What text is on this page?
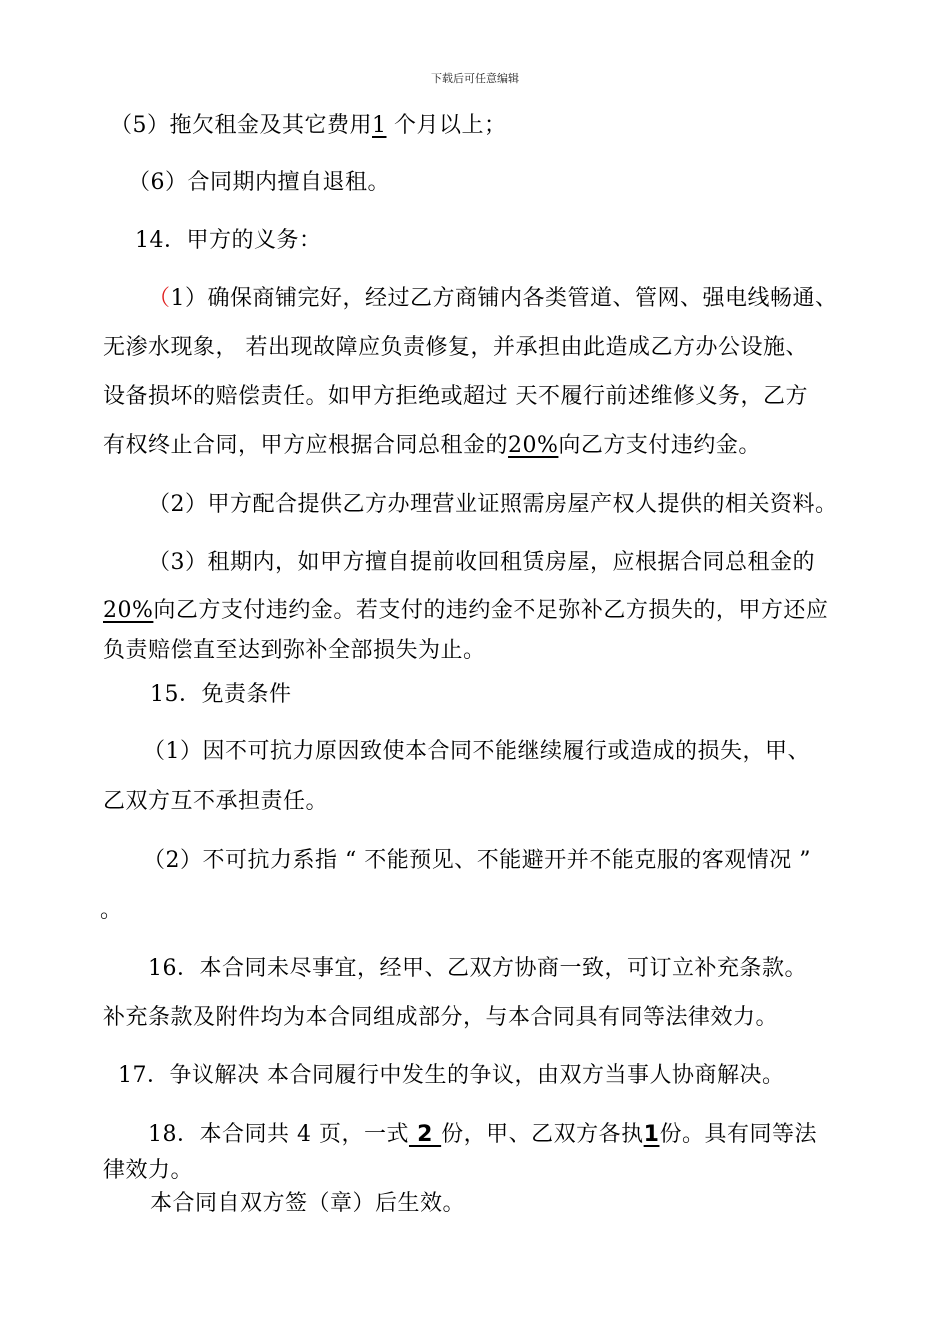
下载后可任意编辑
（5）拖欠租金及其它费用1 个月以上；
（6）合同期内擅自退租。
14．甲方的义务：
（1）确保商铺完好，经过乙方商铺内各类管道、管网、强电线畅通、
无渗水现象， 若出现故障应负责修复，并承担由此造成乙方办公设施、
设备损坏的赔偿责任。如甲方拒绝或超过 天不履行前述维修义务，乙方
有权终止合同，甲方应根据合同总租金的20%向乙方支付违约金。
（2）甲方配合提供乙方办理营业证照需房屋产权人提供的相关资料。
（3）租期内，如甲方擅自提前收回租赁房屋，应根据合同总租金的
20%向乙方支付违约金。若支付的违约金不足弥补乙方损失的，甲方还应
负责赔偿直至达到弥补全部损失为止。
15．免责条件
（1）因不可抗力原因致使本合同不能继续履行或造成的损失，甲、
乙双方互不承担责任。
（2）不可抗力系指 “ 不能预见、不能避开并不能克服的客观情况 ”
。
16．本合同未尽事宜，经甲、乙双方协商一致，可订立补充条款。
补充条款及附件均为本合同组成部分，与本合同具有同等法律效力。
17．争议解决 本合同履行中发生的争议，由双方当事人协商解决。
18．本合同共 4 页，一式 2 份，甲、乙双方各执1份。具有同等法
律效力。
本合同自双方签（章）后生效。
